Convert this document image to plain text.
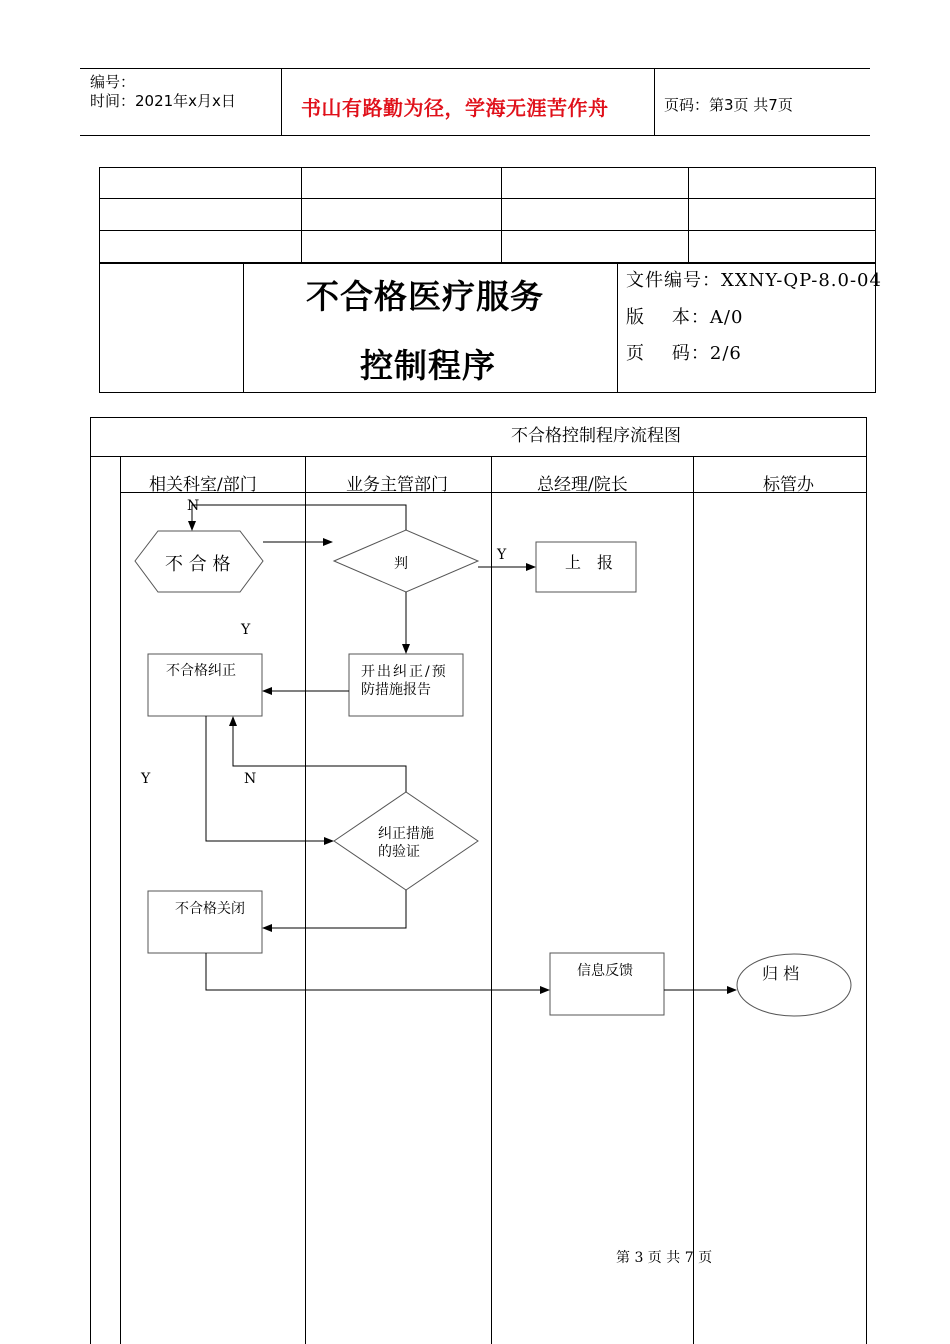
编号：
时间：2021年x月x日	书山有路勤为径，学海无涯苦作舟	页码：第3页 共7页
不合格医疗服务
控制程序
文件编号：XXNY-QP-8.0-04
版    本：A/0
页    码：2/6
不合格控制程序流程图
相关科室/部门	业务主管部门	总经理/院长	标管办
不 合 格	判	上　报
不合格纠正	开出纠正/预
防措施报告
纠正措施
的验证
不合格关闭
信息反馈	归 档
N
Y
Y
Y	N
第 3 页 共 7 页
